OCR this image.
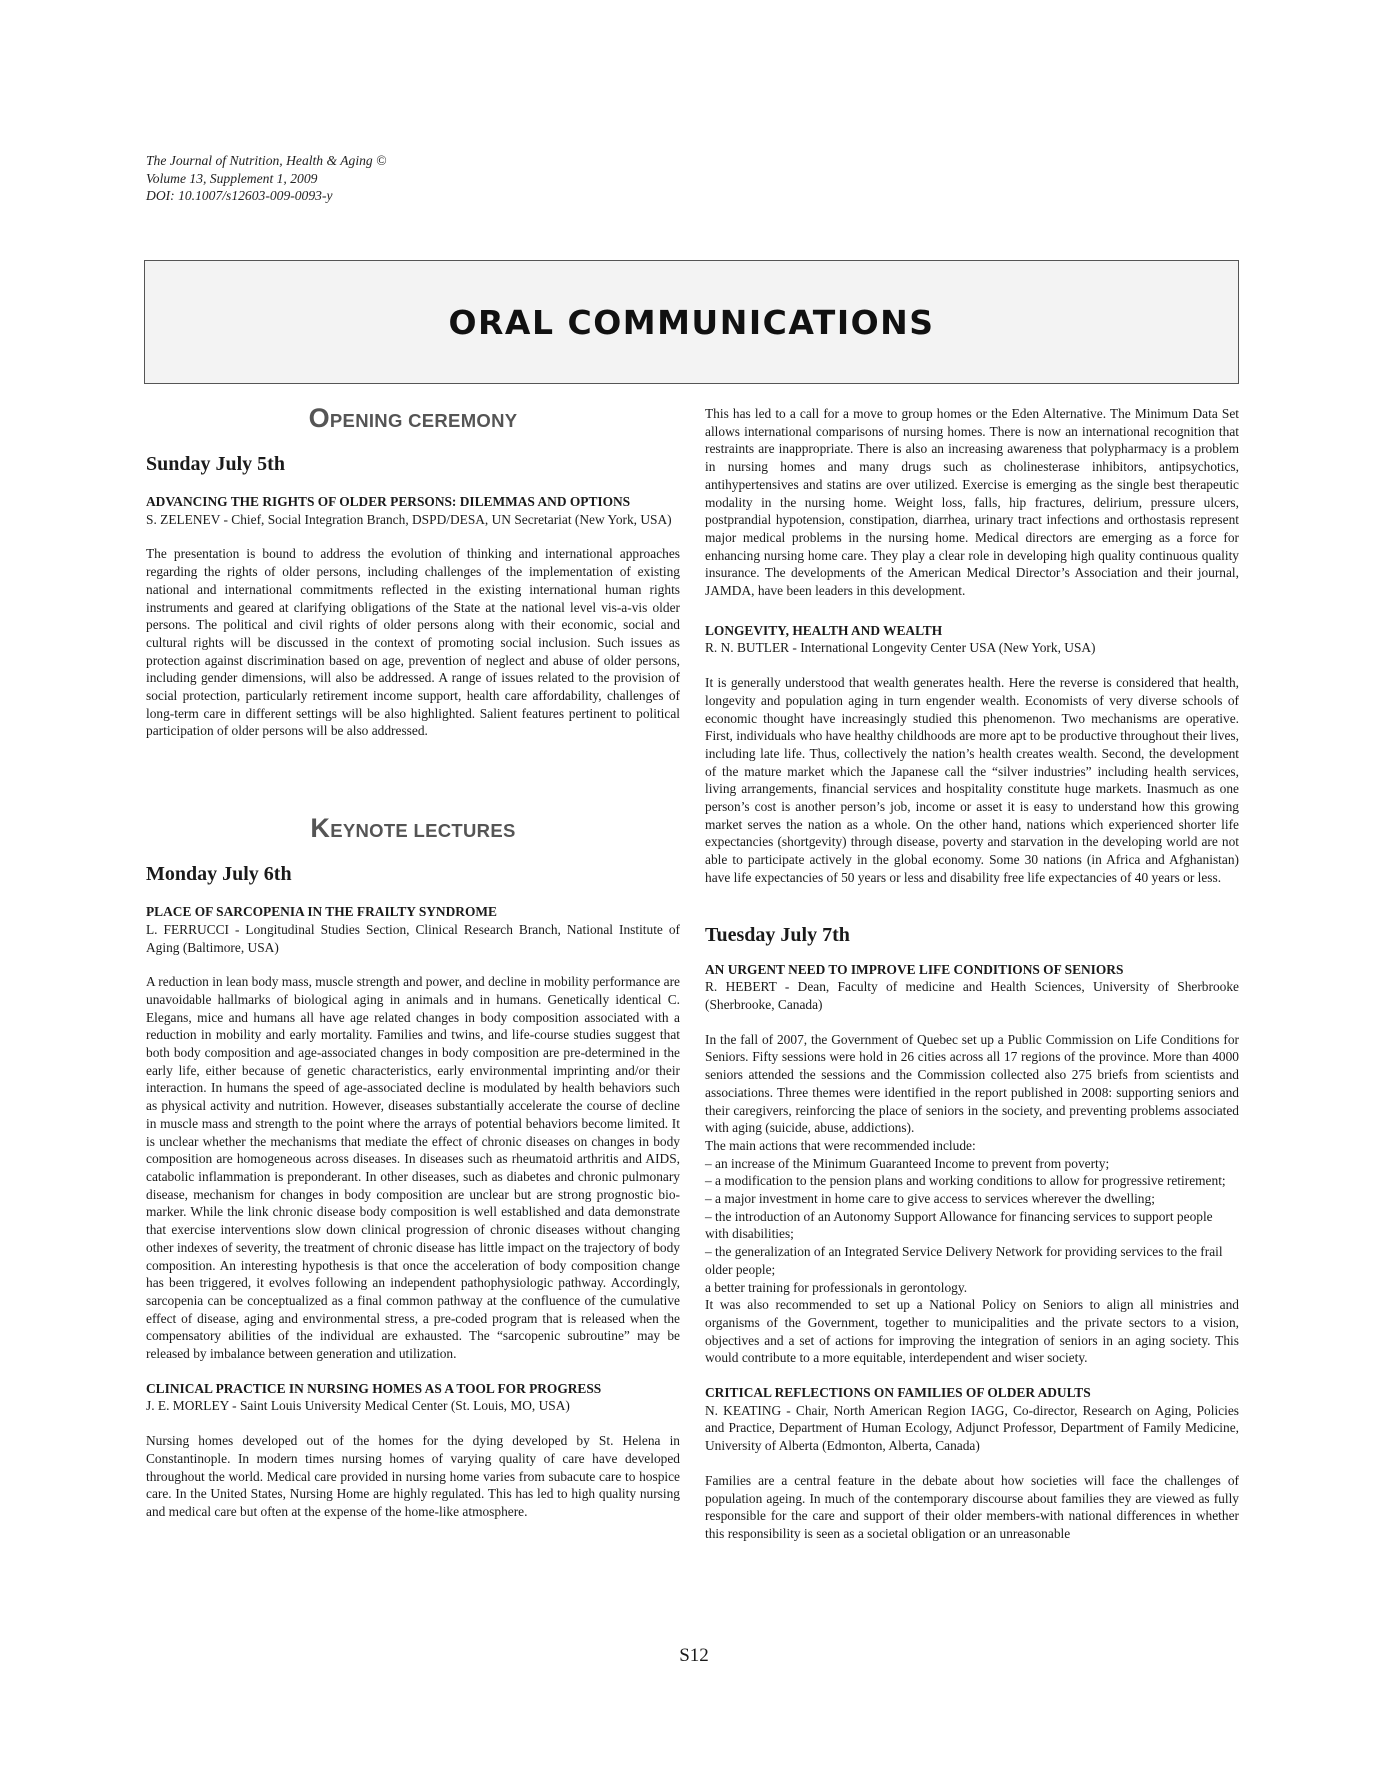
The Journal of Nutrition, Health & Aging ©
Volume 13, Supplement 1, 2009
DOI: 10.1007/s12603-009-0093-y
ORAL COMMUNICATIONS
OPENING CEREMONY
Sunday July 5th
ADVANCING THE RIGHTS OF OLDER PERSONS: DILEMMAS AND OPTIONS
S. ZELENEV - Chief, Social Integration Branch, DSPD/DESA, UN Secretariat (New York, USA)
The presentation is bound to address the evolution of thinking and international approaches regarding the rights of older persons, including challenges of the implementation of existing national and international commitments reflected in the existing international human rights instruments and geared at clarifying obligations of the State at the national level vis-a-vis older persons. The political and civil rights of older persons along with their economic, social and cultural rights will be discussed in the context of promoting social inclusion. Such issues as protection against discrimination based on age, prevention of neglect and abuse of older persons, including gender dimensions, will also be addressed. A range of issues related to the provision of social protection, particularly retirement income support, health care affordability, challenges of long-term care in different settings will be also highlighted. Salient features pertinent to political participation of older persons will be also addressed.
KEYNOTE LECTURES
Monday July 6th
PLACE OF SARCOPENIA IN THE FRAILTY SYNDROME
L. FERRUCCI - Longitudinal Studies Section, Clinical Research Branch, National Institute of Aging (Baltimore, USA)
A reduction in lean body mass, muscle strength and power, and decline in mobility performance are unavoidable hallmarks of biological aging in animals and in humans. Genetically identical C. Elegans, mice and humans all have age related changes in body composition associated with a reduction in mobility and early mortality. Families and twins, and life-course studies suggest that both body composition and age-associated changes in body composition are pre-determined in the early life, either because of genetic characteristics, early environmental imprinting and/or their interaction. In humans the speed of age-associated decline is modulated by health behaviors such as physical activity and nutrition. However, diseases substantially accelerate the course of decline in muscle mass and strength to the point where the arrays of potential behaviors become limited. It is unclear whether the mechanisms that mediate the effect of chronic diseases on changes in body composition are homogeneous across diseases. In diseases such as rheumatoid arthritis and AIDS, catabolic inflammation is preponderant. In other diseases, such as diabetes and chronic pulmonary disease, mechanism for changes in body composition are unclear but are strong prognostic bio-marker. While the link chronic disease body composition is well established and data demonstrate that exercise interventions slow down clinical progression of chronic diseases without changing other indexes of severity, the treatment of chronic disease has little impact on the trajectory of body composition. An interesting hypothesis is that once the acceleration of body composition change has been triggered, it evolves following an independent pathophysiologic pathway. Accordingly, sarcopenia can be conceptualized as a final common pathway at the confluence of the cumulative effect of disease, aging and environmental stress, a pre-coded program that is released when the compensatory abilities of the individual are exhausted. The “sarcopenic subroutine” may be released by imbalance between generation and utilization.
CLINICAL PRACTICE IN NURSING HOMES AS A TOOL FOR PROGRESS
J. E. MORLEY - Saint Louis University Medical Center (St. Louis, MO, USA)
Nursing homes developed out of the homes for the dying developed by St. Helena in Constantinople. In modern times nursing homes of varying quality of care have developed throughout the world. Medical care provided in nursing home varies from subacute care to hospice care. In the United States, Nursing Home are highly regulated. This has led to high quality nursing and medical care but often at the expense of the home-like atmosphere.
This has led to a call for a move to group homes or the Eden Alternative. The Minimum Data Set allows international comparisons of nursing homes. There is now an international recognition that restraints are inappropriate. There is also an increasing awareness that polypharmacy is a problem in nursing homes and many drugs such as cholinesterase inhibitors, antipsychotics, antihypertensives and statins are over utilized. Exercise is emerging as the single best therapeutic modality in the nursing home. Weight loss, falls, hip fractures, delirium, pressure ulcers, postprandial hypotension, constipation, diarrhea, urinary tract infections and orthostasis represent major medical problems in the nursing home. Medical directors are emerging as a force for enhancing nursing home care. They play a clear role in developing high quality continuous quality insurance. The developments of the American Medical Director’s Association and their journal, JAMDA, have been leaders in this development.
LONGEVITY, HEALTH AND WEALTH
R. N. BUTLER - International Longevity Center USA (New York, USA)
It is generally understood that wealth generates health. Here the reverse is considered that health, longevity and population aging in turn engender wealth. Economists of very diverse schools of economic thought have increasingly studied this phenomenon. Two mechanisms are operative. First, individuals who have healthy childhoods are more apt to be productive throughout their lives, including late life. Thus, collectively the nation’s health creates wealth. Second, the development of the mature market which the Japanese call the “silver industries” including health services, living arrangements, financial services and hospitality constitute huge markets. Inasmuch as one person’s cost is another person’s job, income or asset it is easy to understand how this growing market serves the nation as a whole. On the other hand, nations which experienced shorter life expectancies (shortgevity) through disease, poverty and starvation in the developing world are not able to participate actively in the global economy. Some 30 nations (in Africa and Afghanistan) have life expectancies of 50 years or less and disability free life expectancies of 40 years or less.
Tuesday July 7th
AN URGENT NEED TO IMPROVE LIFE CONDITIONS OF SENIORS
R. HEBERT - Dean, Faculty of medicine and Health Sciences, University of Sherbrooke (Sherbrooke, Canada)
In the fall of 2007, the Government of Quebec set up a Public Commission on Life Conditions for Seniors. Fifty sessions were hold in 26 cities across all 17 regions of the province. More than 4000 seniors attended the sessions and the Commission collected also 275 briefs from scientists and associations. Three themes were identified in the report published in 2008: supporting seniors and their caregivers, reinforcing the place of seniors in the society, and preventing problems associated with aging (suicide, abuse, addictions).
The main actions that were recommended include:
– an increase of the Minimum Guaranteed Income to prevent from poverty;
– a modification to the pension plans and working conditions to allow for progressive retirement;
– a major investment in home care to give access to services wherever the dwelling;
– the introduction of an Autonomy Support Allowance for financing services to support people with disabilities;
– the generalization of an Integrated Service Delivery Network for providing services to the frail older people;
a better training for professionals in gerontology.
It was also recommended to set up a National Policy on Seniors to align all ministries and organisms of the Government, together to municipalities and the private sectors to a vision, objectives and a set of actions for improving the integration of seniors in an aging society. This would contribute to a more equitable, interdependent and wiser society.
CRITICAL REFLECTIONS ON FAMILIES OF OLDER ADULTS
N. KEATING - Chair, North American Region IAGG, Co-director, Research on Aging, Policies and Practice, Department of Human Ecology, Adjunct Professor, Department of Family Medicine, University of Alberta (Edmonton, Alberta, Canada)
Families are a central feature in the debate about how societies will face the challenges of population ageing. In much of the contemporary discourse about families they are viewed as fully responsible for the care and support of their older members-with national differences in whether this responsibility is seen as a societal obligation or an unreasonable
S12
